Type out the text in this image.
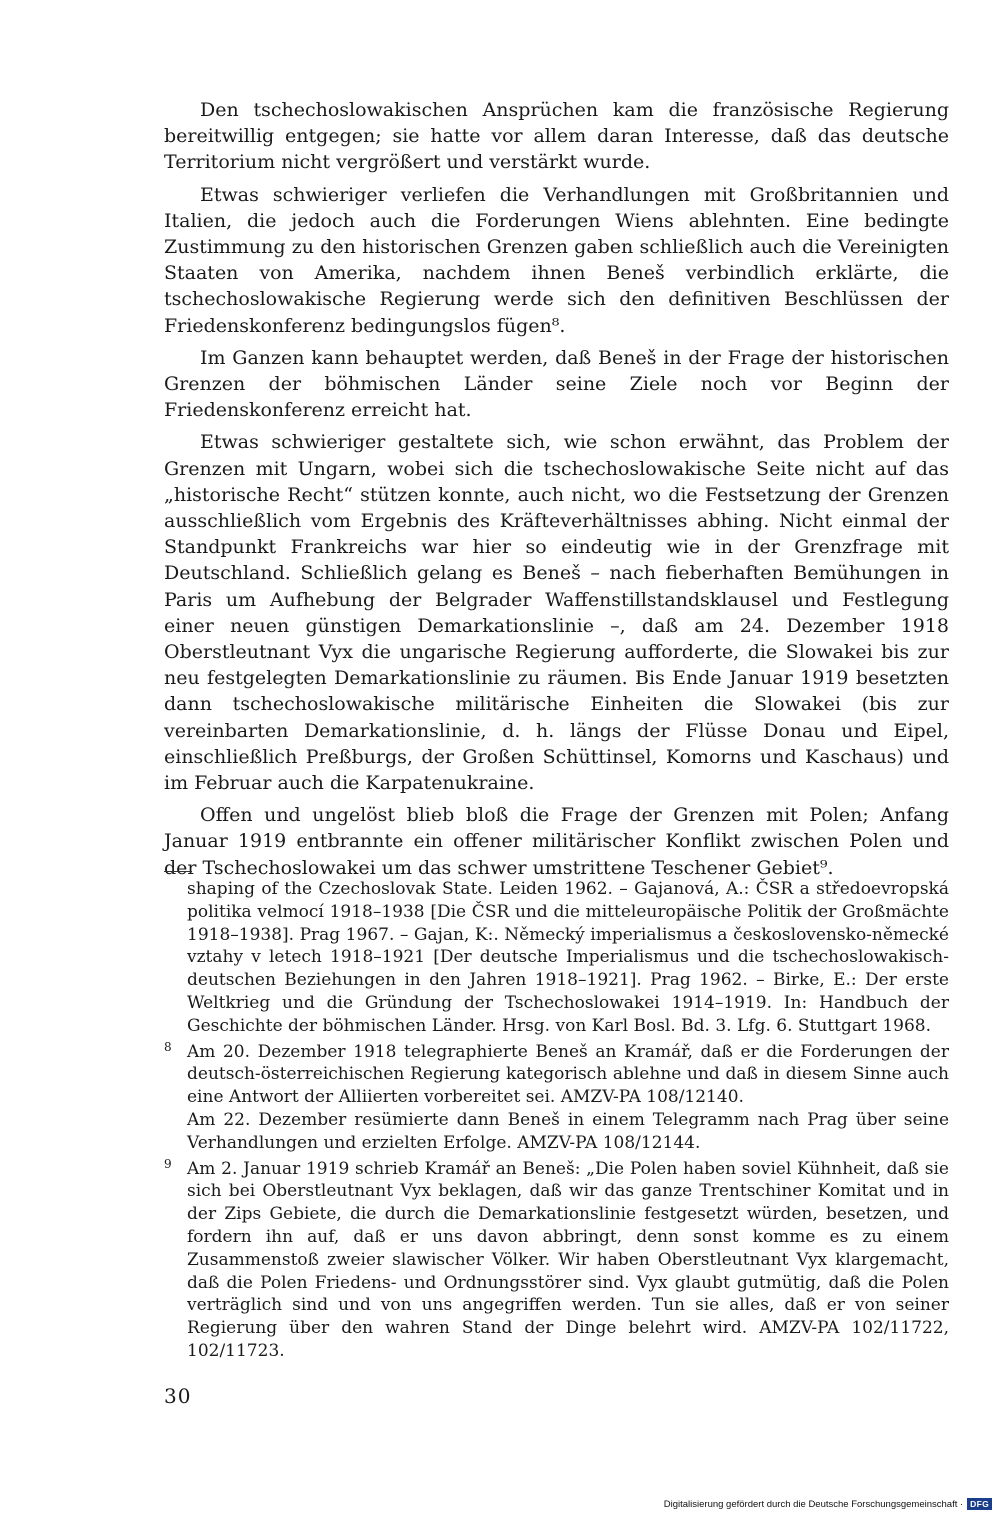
Den tschechoslowakischen Ansprüchen kam die französische Regierung bereitwillig entgegen; sie hatte vor allem daran Interesse, daß das deutsche Territorium nicht vergrößert und verstärkt wurde.

Etwas schwieriger verliefen die Verhandlungen mit Großbritannien und Italien, die jedoch auch die Forderungen Wiens ablehnten. Eine bedingte Zustimmung zu den historischen Grenzen gaben schließlich auch die Vereinigten Staaten von Amerika, nachdem ihnen Beneš verbindlich erklärte, die tschechoslowakische Regierung werde sich den definitiven Beschlüssen der Friedenskonferenz bedingungslos fügen⁸.

Im Ganzen kann behauptet werden, daß Beneš in der Frage der historischen Grenzen der böhmischen Länder seine Ziele noch vor Beginn der Friedenskonferenz erreicht hat.

Etwas schwieriger gestaltete sich, wie schon erwähnt, das Problem der Grenzen mit Ungarn, wobei sich die tschechoslowakische Seite nicht auf das „historische Recht“ stützen konnte, auch nicht, wo die Festsetzung der Grenzen ausschließlich vom Ergebnis des Kräfteverhältnisses abhing. Nicht einmal der Standpunkt Frankreichs war hier so eindeutig wie in der Grenzfrage mit Deutschland. Schließlich gelang es Beneš – nach fieberhaften Bemühungen in Paris um Aufhebung der Belgrader Waffenstillstandsklausel und Festlegung einer neuen günstigen Demarkationslinie –, daß am 24. Dezember 1918 Oberstleutnant Vyx die ungarische Regierung aufforderte, die Slowakei bis zur neu festgelegten Demarkationslinie zu räumen. Bis Ende Januar 1919 besetzten dann tschechoslowakische militärische Einheiten die Slowakei (bis zur vereinbarten Demarkationslinie, d. h. längs der Flüsse Donau und Eipel, einschließlich Preßburgs, der Großen Schüttinsel, Komorns und Kaschaus) und im Februar auch die Karpatenukraine.

Offen und ungelöst blieb bloß die Frage der Grenzen mit Polen; Anfang Januar 1919 entbrannte ein offener militärischer Konflikt zwischen Polen und der Tschechoslowakei um das schwer umstrittene Teschener Gebiet⁹.

shaping of the Czechoslovak State. Leiden 1962. – Gajanová, A.: ČSR a středoevropská politika velmocí 1918–1938 [Die ČSR und die mitteleuropäische Politik der Großmächte 1918–1938]. Prag 1967. – Gajan, K:. Německý imperialismus a československo-německé vztahy v letech 1918–1921 [Der deutsche Imperialismus und die tschechoslowakisch-deutschen Beziehungen in den Jahren 1918–1921]. Prag 1962. – Birke, E.: Der erste Weltkrieg und die Gründung der Tschechoslowakei 1914–1919. In: Handbuch der Geschichte der böhmischen Länder. Hrsg. von Karl Bosl. Bd. 3. Lfg. 6. Stuttgart 1968.
8 Am 20. Dezember 1918 telegraphierte Beneš an Kramář, daß er die Forderungen der deutsch-österreichischen Regierung kategorisch ablehne und daß in diesem Sinne auch eine Antwort der Alliierten vorbereitet sei. AMZV-PA 108/12140.

Am 22. Dezember resümierte dann Beneš in einem Telegramm nach Prag über seine Verhandlungen und erzielten Erfolge. AMZV-PA 108/12144.

9 Am 2. Januar 1919 schrieb Kramář an Beneš: „Die Polen haben soviel Kühnheit, daß sie sich bei Oberstleutnant Vyx beklagen, daß wir das ganze Trentschiner Komitat und in der Zips Gebiete, die durch die Demarkationslinie festgesetzt würden, besetzen, und fordern ihn auf, daß er uns davon abbringt, denn sonst komme es zu einem Zusammenstoß zweier slawischer Völker. Wir haben Oberstleutnant Vyx klargemacht, daß die Polen Friedens- und Ordnungsstörer sind. Vyx glaubt gutmütig, daß die Polen verträglich sind und von uns angegriffen werden. Tun sie alles, daß er von seiner Regierung über den wahren Stand der Dinge belehrt wird. AMZV-PA 102/11722, 102/11723.

30
Digitalisierung gefördert durch die Deutsche Forschungsgemeinschaft · DFG
